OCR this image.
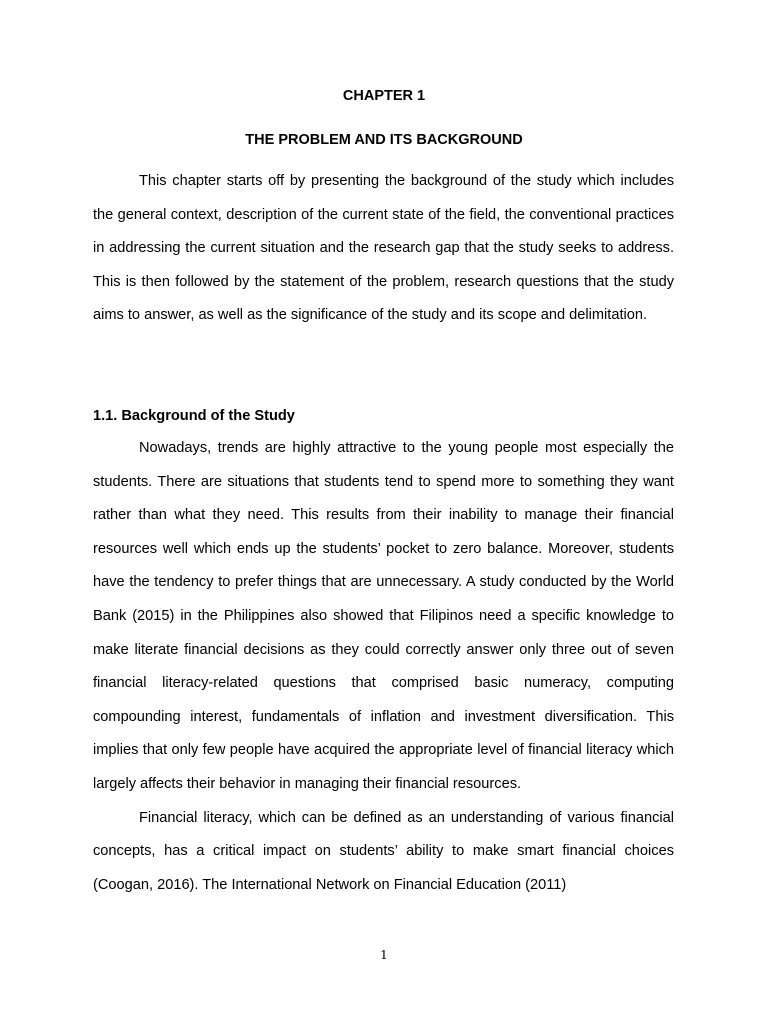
CHAPTER 1
THE PROBLEM AND ITS BACKGROUND

This chapter starts off by presenting the background of the study which includes the general context, description of the current state of the field, the conventional practices in addressing the current situation and the research gap that the study seeks to address. This is then followed by the statement of the problem, research questions that the study aims to answer, as well as the significance of the study and its scope and delimitation.

1.1. Background of the Study

Nowadays, trends are highly attractive to the young people most especially the students. There are situations that students tend to spend more to something they want rather than what they need. This results from their inability to manage their financial resources well which ends up the students’ pocket to zero balance. Moreover, students have the tendency to prefer things that are unnecessary. A study conducted by the World Bank (2015) in the Philippines also showed that Filipinos need a specific knowledge to make literate financial decisions as they could correctly answer only three out of seven financial literacy-related questions that comprised basic numeracy, computing compounding interest, fundamentals of inflation and investment diversification. This implies that only few people have acquired the appropriate level of financial literacy which largely affects their behavior in managing their financial resources.

Financial literacy, which can be defined as an understanding of various financial concepts, has a critical impact on students’ ability to make smart financial choices (Coogan, 2016). The International Network on Financial Education (2011)

1
